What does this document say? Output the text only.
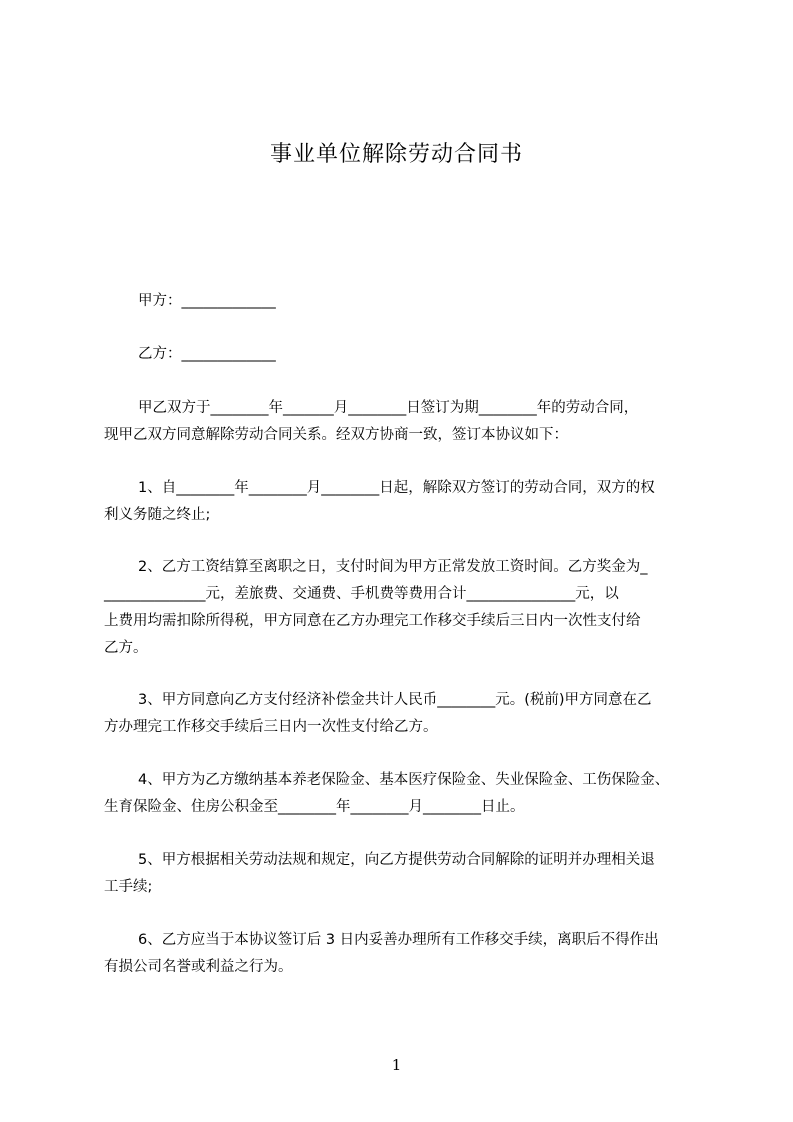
事业单位解除劳动合同书
甲方：_____________
乙方：_____________
甲乙双方于________年_______月________日签订为期________年的劳动合同，
现甲乙双方同意解除劳动合同关系。经双方协商一致，签订本协议如下：
1、自________年________月________日起，解除双方签订的劳动合同，双方的权
利义务随之终止;
2、乙方工资结算至离职之日，支付时间为甲方正常发放工资时间。乙方奖金为_
______________元，差旅费、交通费、手机费等费用合计_______________元，以
上费用均需扣除所得税，甲方同意在乙方办理完工作移交手续后三日内一次性支付给
乙方。
3、甲方同意向乙方支付经济补偿金共计人民币________元。(税前)甲方同意在乙
方办理完工作移交手续后三日内一次性支付给乙方。
4、甲方为乙方缴纳基本养老保险金、基本医疗保险金、失业保险金、工伤保险金、
生育保险金、住房公积金至________年________月________日止。
5、甲方根据相关劳动法规和规定，向乙方提供劳动合同解除的证明并办理相关退
工手续;
6、乙方应当于本协议签订后 3 日内妥善办理所有工作移交手续，离职后不得作出
有损公司名誉或利益之行为。
1
